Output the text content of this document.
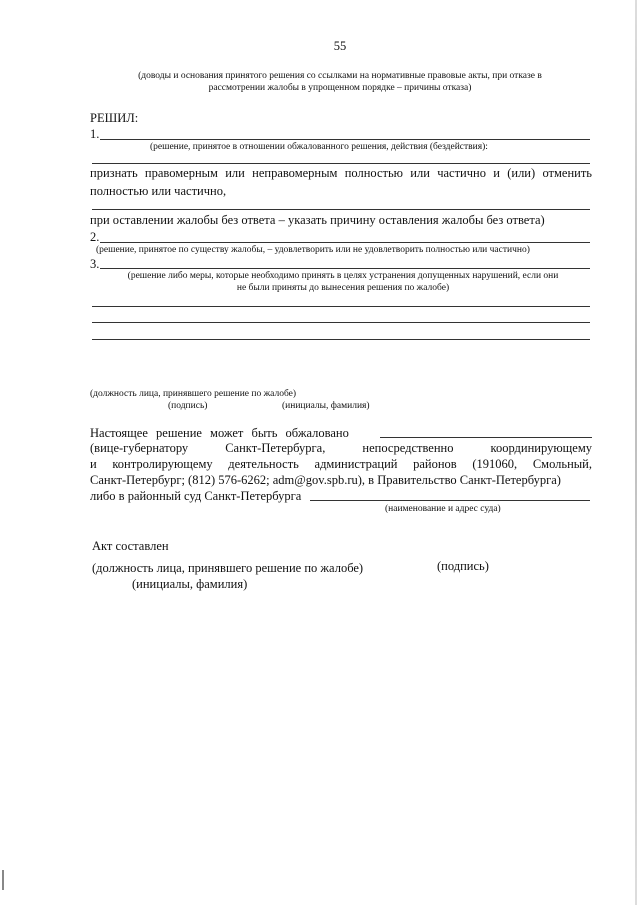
55
(доводы и основания принятого решения со ссылками на нормативные правовые акты, при отказе в
рассмотрении жалобы в упрощенном порядке – причины отказа)
РЕШИЛ:
1.
(решение, принятое в отношении обжалованного решения, действия (бездействия):
признать правомерным или неправомерным полностью или частично и (или) отменить
полностью или частично,
при оставлении жалобы без ответа – указать причину оставления жалобы без ответа)
2.
(решение, принятое по существу жалобы, – удовлетворить или не удовлетворить полностью или частично)
3.
(решение либо меры, которые необходимо принять в целях устранения допущенных нарушений, если они
не были приняты до вынесения решения по жалобе)
(должность лица, принявшего решение по жалобе)
(подпись)	(инициалы, фамилия)
Настоящее решение может быть обжаловано
(вице-губернатору Санкт-Петербурга, непосредственно координирующему
и контролирующему деятельность администраций районов (191060, Смольный,
Санкт-Петербург; (812) 576-6262; adm@gov.spb.ru), в Правительство Санкт-Петербурга)
либо в районный суд Санкт-Петербурга
(наименование и адрес суда)
Акт составлен
(должность лица, принявшего решение по жалобе)	(подпись)
(инициалы, фамилия)
